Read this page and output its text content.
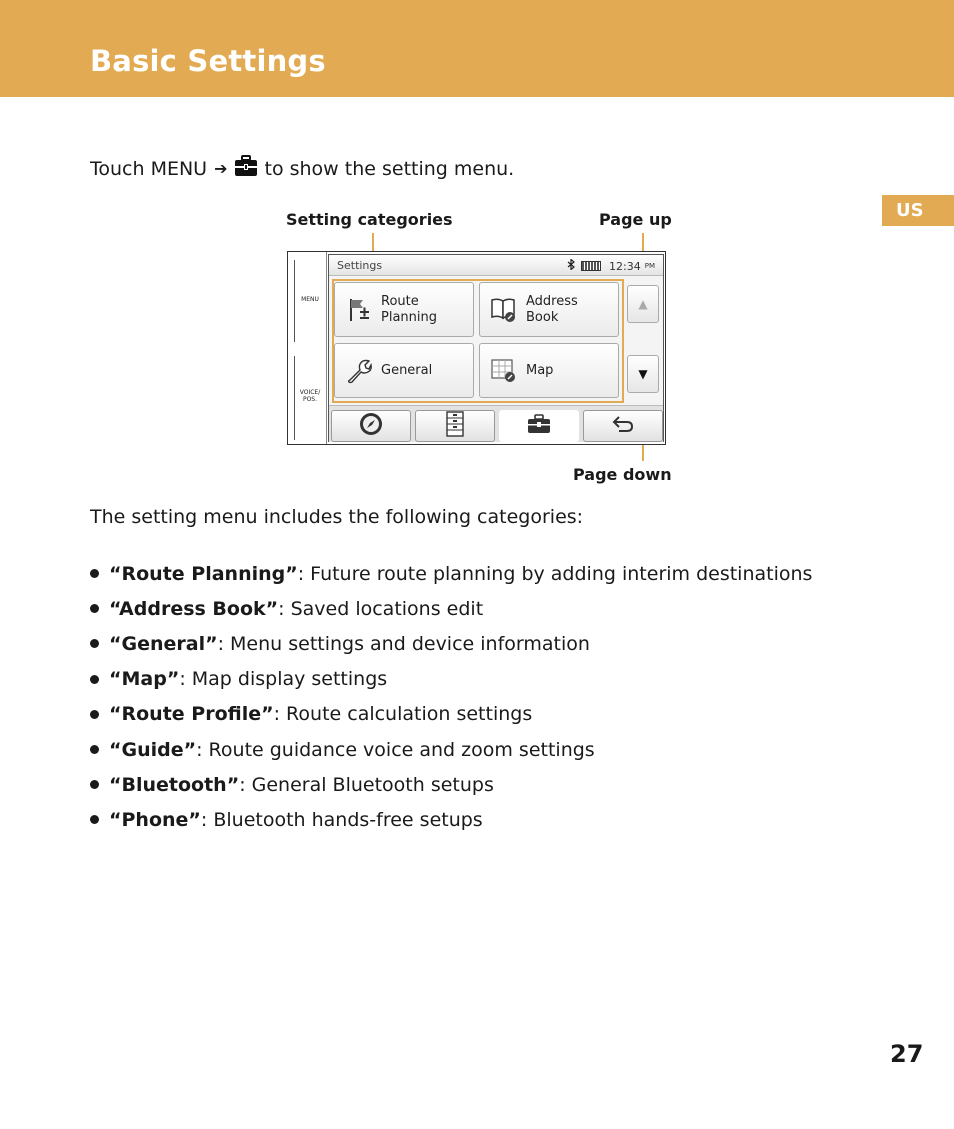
Basic Settings
US
Touch MENU ➔ to show the setting menu.
Setting categories	Page up
Page down
MENU
VOICE/
POS.
Settings	12:34 PM
Route
Planning
Address
Book
General	Map
▲
▼
The setting menu includes the following categories:
“Route Planning” : Future route planning by adding interim destinations
“Address Book” : Saved locations edit
“General” : Menu settings and device information
“Map” : Map display settings
“Route Profile” : Route calculation settings
“Guide” : Route guidance voice and zoom settings
“Bluetooth” : General Bluetooth setups
“Phone” : Bluetooth hands-free setups
27
